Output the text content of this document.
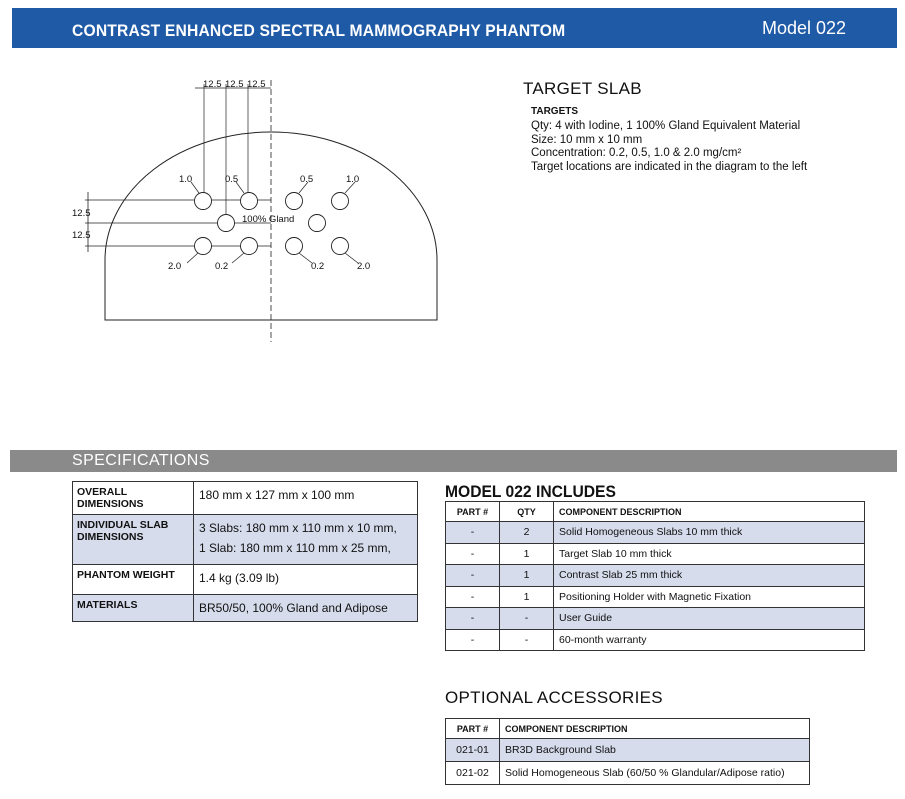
CONTRAST ENHANCED SPECTRAL MAMMOGRAPHY PHANTOM	Model 022
12.5 12.5 12.5
12.5
12.5
1.0	0.5	0.5	1.0
100% Gland
2.0	0.2	0.2	2.0
TARGET SLAB
TARGETS
Qty: 4 with Iodine, 1 100% Gland Equivalent Material
Size: 10 mm x 10 mm
Concentration: 0.2, 0.5, 1.0 & 2.0 mg/cm²
Target locations are indicated in the diagram to the left
SPECIFICATIONS
OVERALL DIMENSIONS	180 mm x 127 mm x 100 mm
INDIVIDUAL SLAB DIMENSIONS	3 Slabs: 180 mm x 110 mm x 10 mm,
1 Slab: 180 mm x 110 mm x 25 mm,

PHANTOM WEIGHT	1.4 kg (3.09 lb)
MATERIALS	BR50/50, 100% Gland and Adipose
MODEL 022 INCLUDES
PART #	QTY	COMPONENT DESCRIPTION
-	2	Solid Homogeneous Slabs 10 mm thick
-	1	Target Slab 10 mm thick
-	1	Contrast Slab 25 mm thick
-	1	Positioning Holder with Magnetic Fixation
-	-	User Guide
-	-	60-month warranty
OPTIONAL ACCESSORIES
PART #	COMPONENT DESCRIPTION
021-01	BR3D Background Slab
021-02	Solid Homogeneous Slab (60/50 % Glandular/Adipose ratio)
